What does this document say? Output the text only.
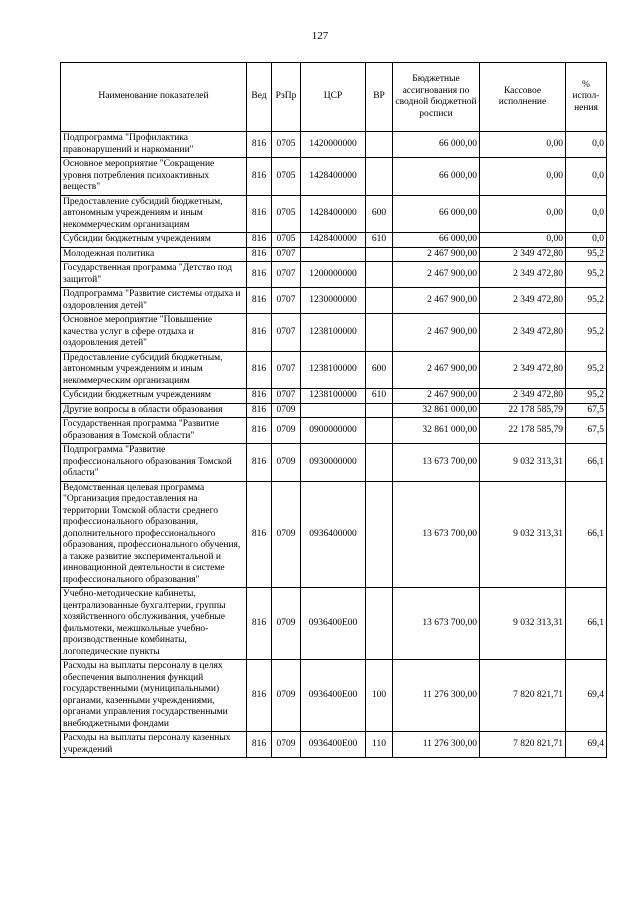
127
Наименование показателей	Вед	РзПр	ЦСР	ВР	Бюджетные ассигнования по сводной бюджетной росписи	Кассовое исполнение	% испол- нения
Подпрограмма "Профилактика правонарушений и наркомании"	816	0705	1420000000		66 000,00	0,00	0,0
Основное мероприятие "Сокращение уровня потребления психоактивных веществ"	816	0705	1428400000		66 000,00	0,00	0,0
Предоставление субсидий бюджетным, автономным учреждениям и иным некоммерческим организациям	816	0705	1428400000	600	66 000,00	0,00	0,0
Субсидии бюджетным учреждениям	816	0705	1428400000	610	66 000,00	0,00	0,0
Молодежная политика	816	0707			2 467 900,00	2 349 472,80	95,2
Государственная программа "Детство под защитой"	816	0707	1200000000		2 467 900,00	2 349 472,80	95,2
Подпрограмма "Развитие системы отдыха и оздоровления детей"	816	0707	1230000000		2 467 900,00	2 349 472,80	95,2
Основное мероприятие "Повышение качества услуг в сфере отдыха и оздоровления детей"	816	0707	1238100000		2 467 900,00	2 349 472,80	95,2
Предоставление субсидий бюджетным, автономным учреждениям и иным некоммерческим организациям	816	0707	1238100000	600	2 467 900,00	2 349 472,80	95,2
Субсидии бюджетным учреждениям	816	0707	1238100000	610	2 467 900,00	2 349 472,80	95,2
Другие вопросы в области образования	816	0709			32 861 000,00	22 178 585,79	67,5
Государственная программа "Развитие образования в Томской области"	816	0709	0900000000		32 861 000,00	22 178 585,79	67,5
Подпрограмма "Развитие профессионального образования Томской области"	816	0709	0930000000		13 673 700,00	9 032 313,31	66,1
Ведомственная целевая программа "Организация предоставления на территории Томской области среднего профессионального образования, дополнительного профессионального образования, профессионального обучения, а также развитие экспериментальной и инновационной деятельности в системе профессионального образования"	816	0709	0936400000		13 673 700,00	9 032 313,31	66,1
Учебно-методические кабинеты, централизованные бухгалтерии, группы хозяйственного обслуживания, учебные фильмотеки, межшкольные учебно-производственные комбинаты, логопедические пункты	816	0709	0936400Е00		13 673 700,00	9 032 313,31	66,1
Расходы на выплаты персоналу в целях обеспечения выполнения функций государственными (муниципальными) органами, казенными учреждениями, органами управления государственными внебюджетными фондами	816	0709	0936400Е00	100	11 276 300,00	7 820 821,71	69,4
Расходы на выплаты персоналу казенных учреждений	816	0709	0936400Е00	110	11 276 300,00	7 820 821,71	69,4
